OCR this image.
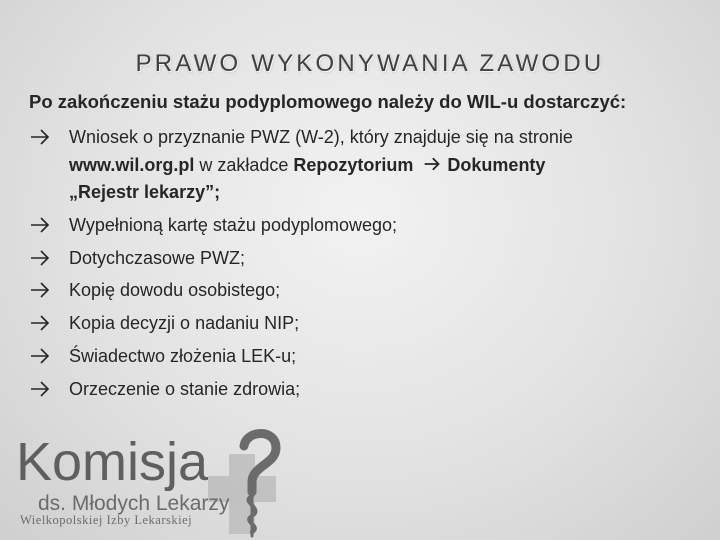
PRAWO WYKONYWANIA ZAWODU
Po zakończeniu stażu podyplomowego należy do WIL-u dostarczyć:
Wniosek o przyznanie PWZ (W-2), który znajduje się na stronie
www.wil.org.pl w zakładce Repozytorium  Dokumenty
„Rejestr lekarzy”;
Wypełnioną kartę stażu podyplomowego;
Dotychczasowe PWZ;
Kopię dowodu osobistego;
Kopia decyzji o nadaniu NIP;
Świadectwo złożenia LEK-u;
Orzeczenie o stanie zdrowia;
Komisja
ds. Młodych Lekarzy
Wielkopolskiej Izby Lekarskiej
